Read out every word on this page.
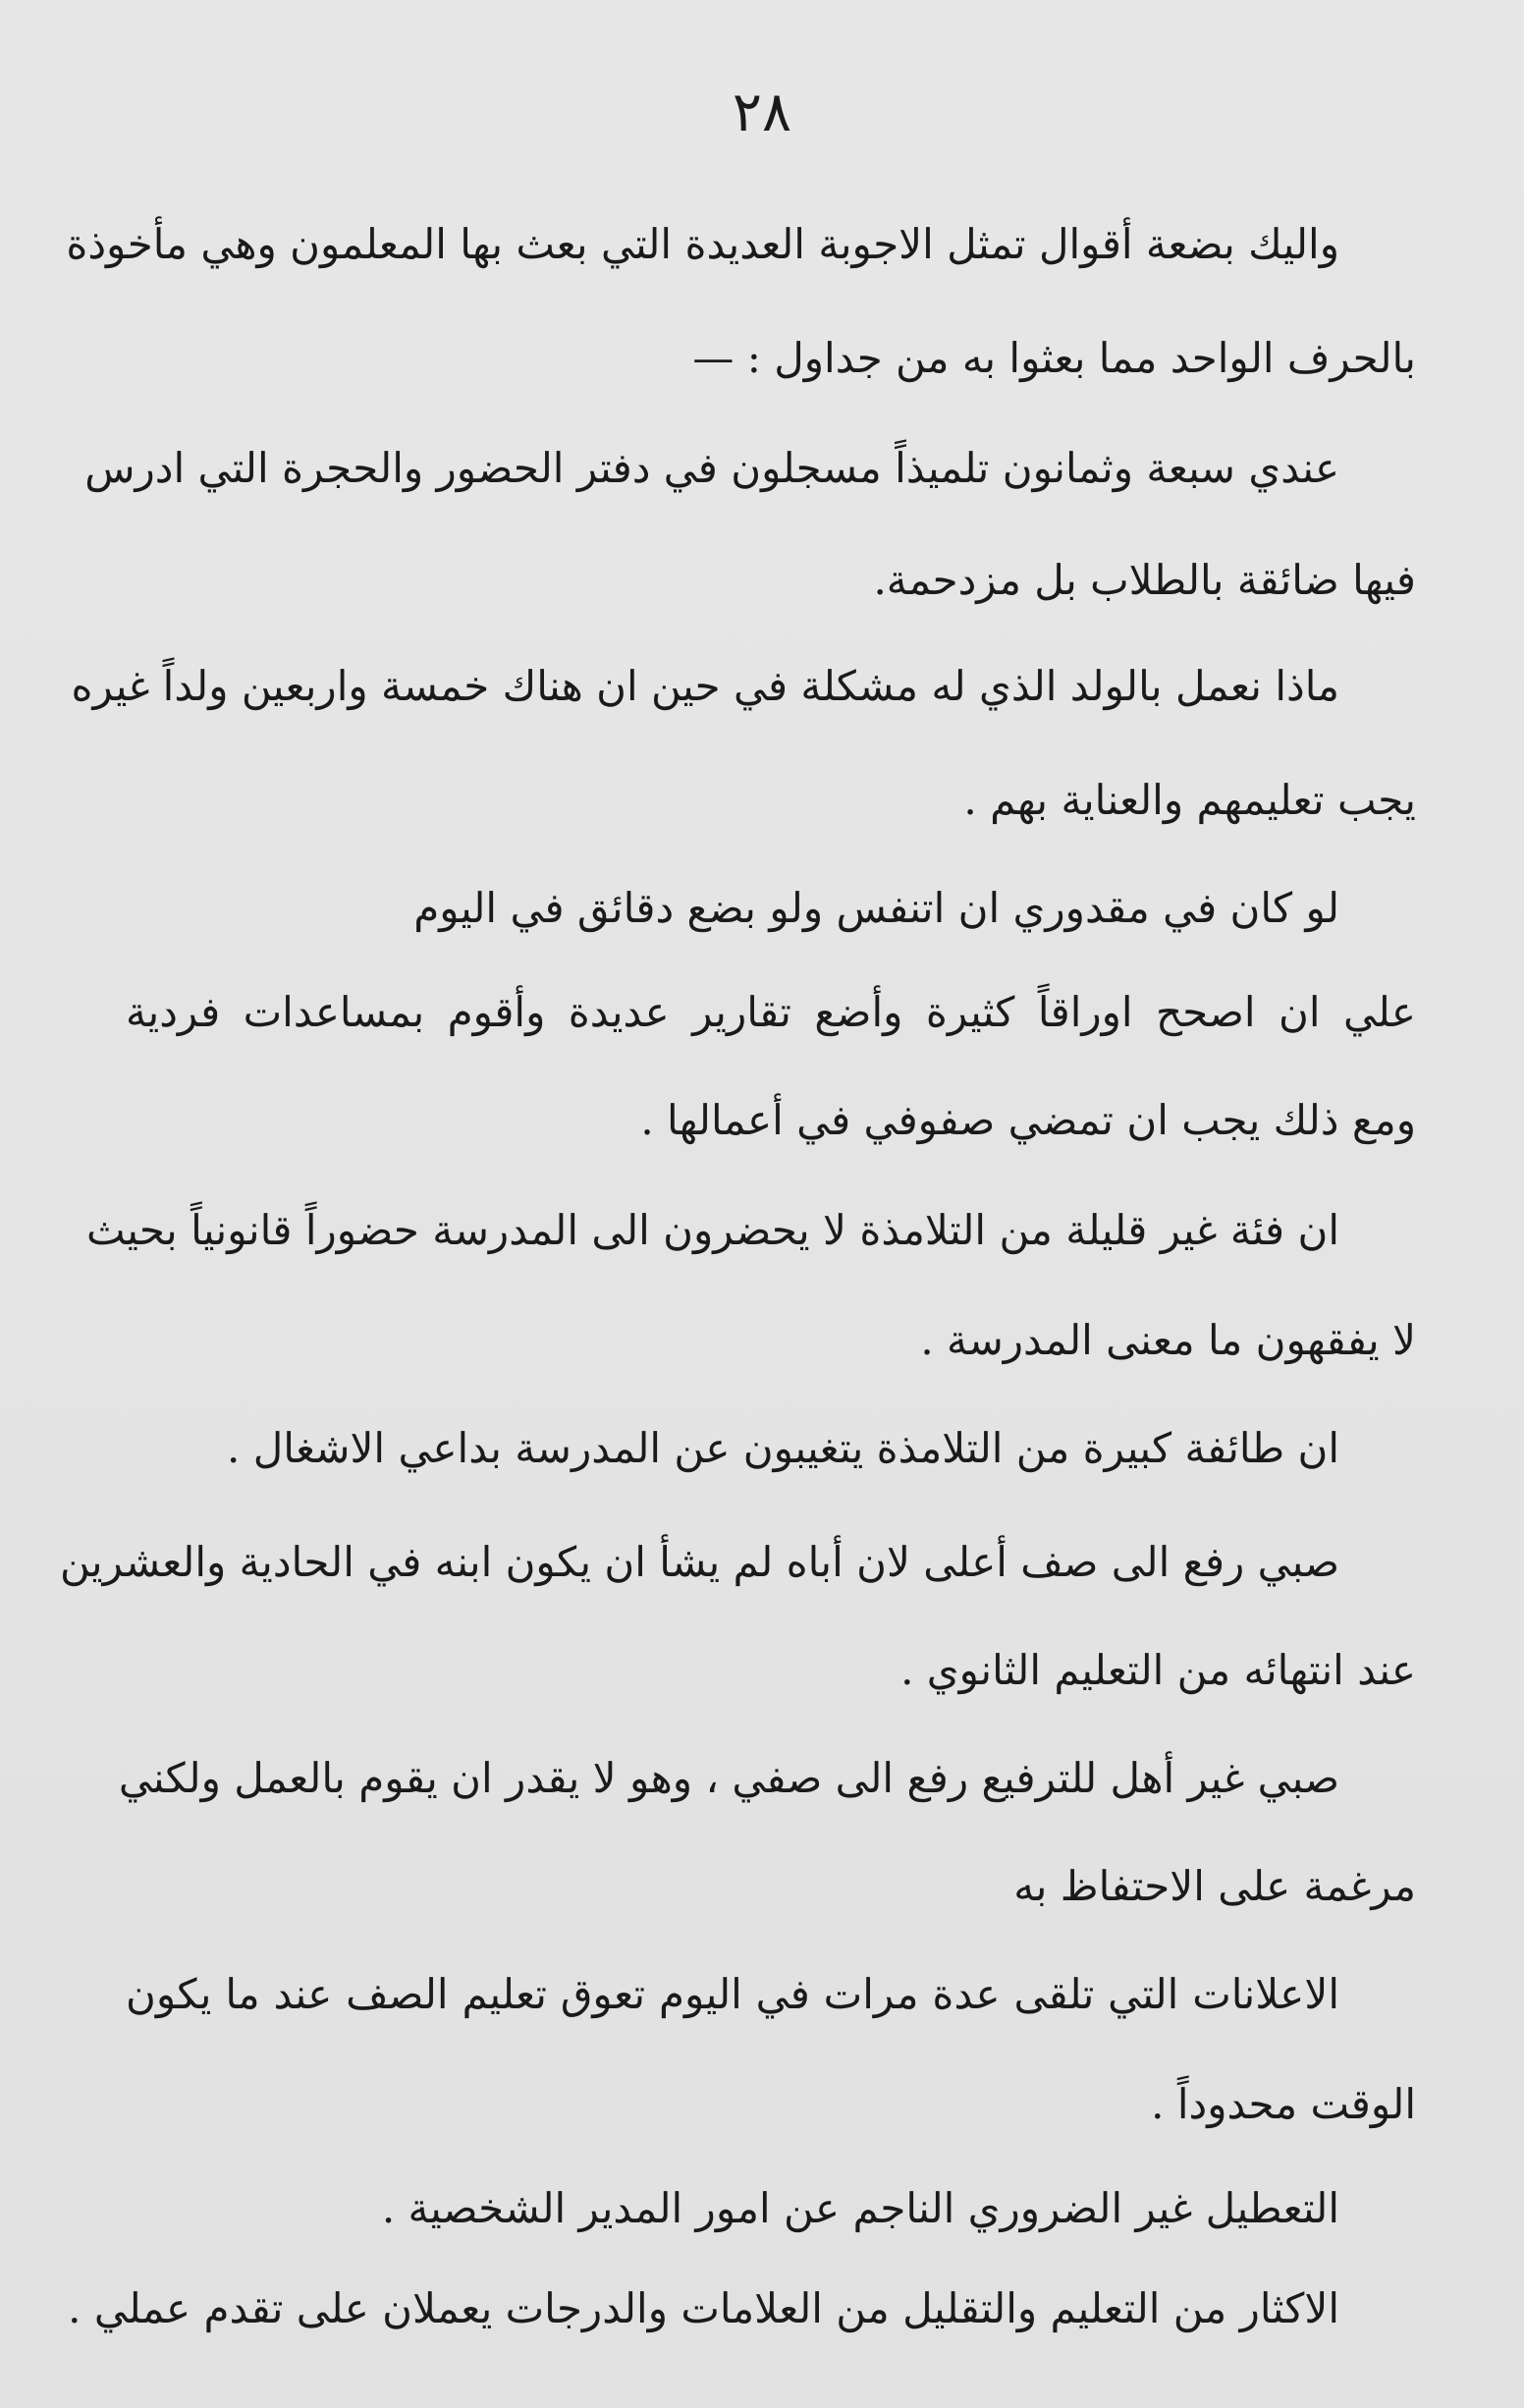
٢٨
واليك بضعة أقوال تمثل الاجوبة العديدة التي بعث بها المعلمون وهي مأخوذة
بالحرف الواحد مما بعثوا به من جداول : —
عندي سبعة وثمانون تلميذاً مسجلون في دفتر الحضور والحجرة التي ادرس
فيها ضائقة بالطلاب بل مزدحمة.
ماذا نعمل بالولد الذي له مشكلة في حين ان هناك خمسة واربعين ولداً غيره
يجب تعليمهم والعناية بهم .
لو كان في مقدوري ان اتنفس ولو بضع دقائق في اليوم
علي ان اصحح اوراقاً كثيرة وأضع تقارير عديدة وأقوم بمساعدات فردية
ومع ذلك يجب ان تمضي صفوفي في أعمالها .
ان فئة غير قليلة من التلامذة لا يحضرون الى المدرسة حضوراً قانونياً بحيث
لا يفقهون ما معنى المدرسة .
ان طائفة كبيرة من التلامذة يتغيبون عن المدرسة بداعي الاشغال .
صبي رفع الى صف أعلى لان أباه لم يشأ ان يكون ابنه في الحادية والعشرين
عند انتهائه من التعليم الثانوي .
صبي غير أهل للترفيع رفع الى صفي ، وهو لا يقدر ان يقوم بالعمل ولكني
مرغمة على الاحتفاظ به
الاعلانات التي تلقى عدة مرات في اليوم تعوق تعليم الصف عند ما يكون
الوقت محدوداً .
التعطيل غير الضروري الناجم عن امور المدير الشخصية .
الاكثار من التعليم والتقليل من العلامات والدرجات يعملان على تقدم عملي .
